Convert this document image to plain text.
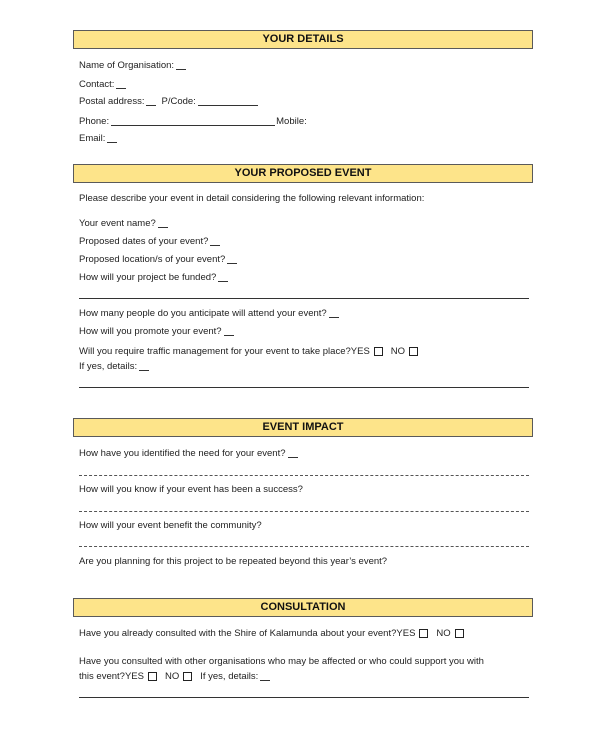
YOUR DETAILS
Name of Organisation:
Contact:
Postal address: P/Code:
Phone:	Mobile:
Email:
YOUR PROPOSED EVENT
Please describe your event in detail considering the following relevant information:
Your event name?
Proposed dates of your event?
Proposed location/s of your event?
How will your project be funded?
How many people do you anticipate will attend your event?
How will you promote your event?
Will you require traffic management for your event to take place? YES NO
If yes, details:
EVENT IMPACT
How have you identified the need for your event?
How will you know if your event has been a success?
How will your event benefit the community?
Are you planning for this project to be repeated beyond this year’s event?
CONSULTATION
Have you already consulted with the Shire of Kalamunda about your event? YES NO
Have you consulted with other organisations who may be affected or who could support you with
this event? YES NO If yes, details:
